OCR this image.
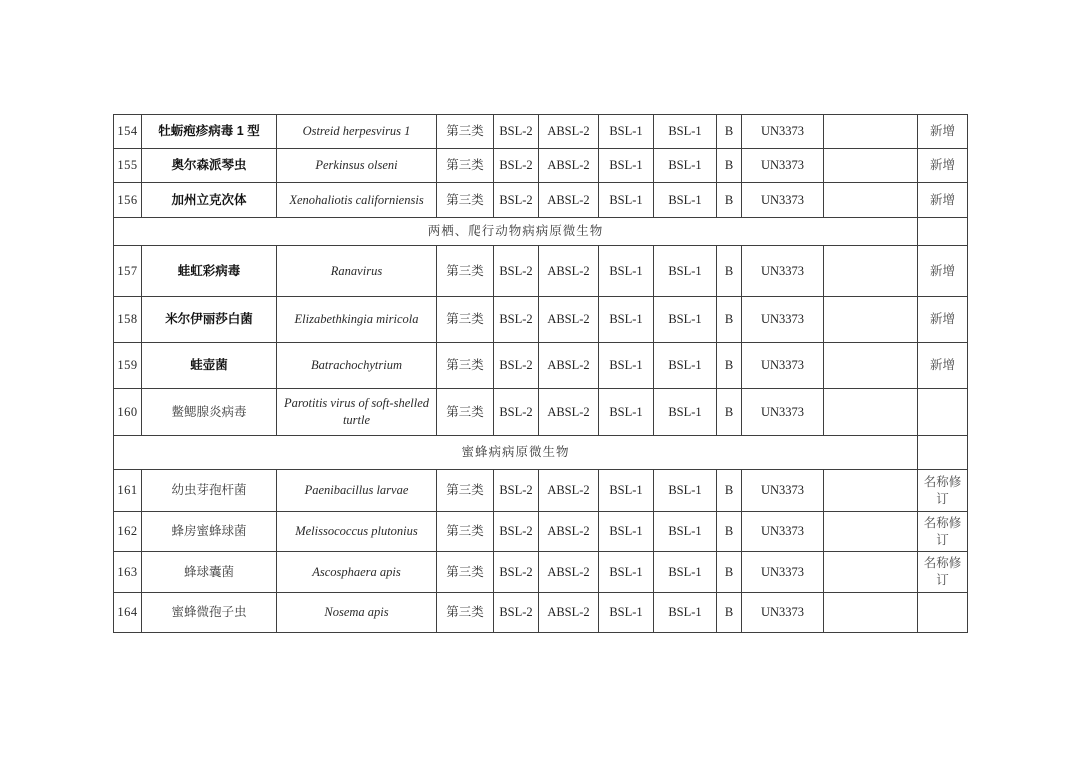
154	牡蛎疱疹病毒 1 型	Ostreid herpesvirus 1	第三类	BSL-2	ABSL-2	BSL-1	BSL-1	B	UN3373		新增
155	奥尔森派琴虫	Perkinsus olseni	第三类	BSL-2	ABSL-2	BSL-1	BSL-1	B	UN3373		新增
156	加州立克次体	Xenohaliotis californiensis	第三类	BSL-2	ABSL-2	BSL-1	BSL-1	B	UN3373		新增
两栖、爬行动物病病原微生物											
157	蛙虹彩病毒	Ranavirus	第三类	BSL-2	ABSL-2	BSL-1	BSL-1	B	UN3373		新增
158	米尔伊丽莎白菌	Elizabethkingia miricola	第三类	BSL-2	ABSL-2	BSL-1	BSL-1	B	UN3373		新增
159	蛙壶菌	Batrachochytrium	第三类	BSL-2	ABSL-2	BSL-1	BSL-1	B	UN3373		新增
160	鳖鳃腺炎病毒	Parotitis virus of soft-shelled turtle	第三类	BSL-2	ABSL-2	BSL-1	BSL-1	B	UN3373		
蜜蜂病病原微生物											
161	幼虫芽孢杆菌	Paenibacillus larvae	第三类	BSL-2	ABSL-2	BSL-1	BSL-1	B	UN3373		名称修订
162	蜂房蜜蜂球菌	Melissococcus plutonius	第三类	BSL-2	ABSL-2	BSL-1	BSL-1	B	UN3373		名称修订
163	蜂球囊菌	Ascosphaera apis	第三类	BSL-2	ABSL-2	BSL-1	BSL-1	B	UN3373		名称修订
164	蜜蜂微孢子虫	Nosema apis	第三类	BSL-2	ABSL-2	BSL-1	BSL-1	B	UN3373		
